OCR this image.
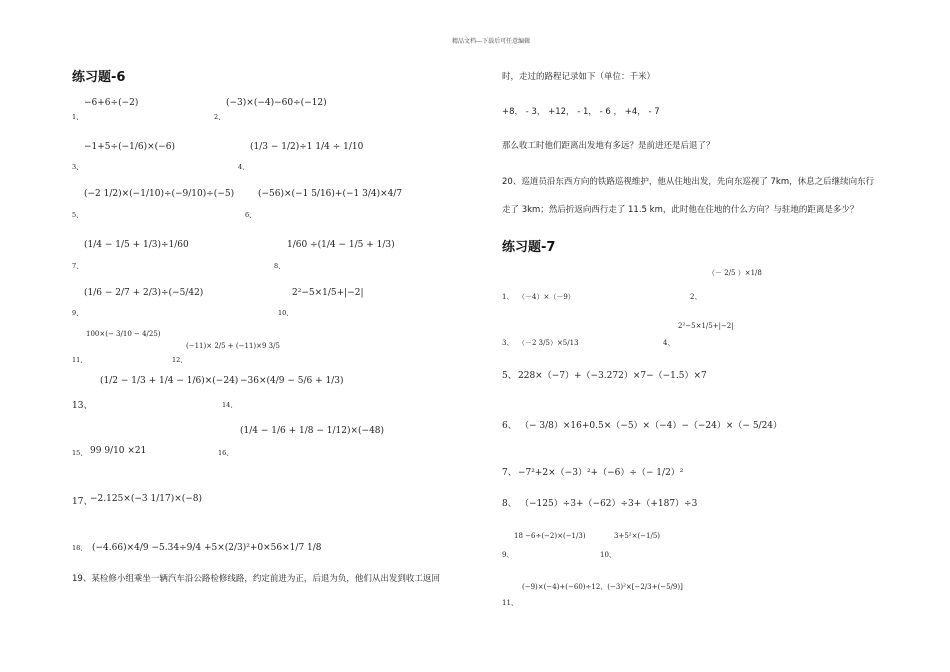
精品文档---下载后可任意编辑
练习题-6
−6+6÷(−2)
1、
(−3)×(−4)−60÷(−12)
2、
−1+5÷(−1/6)×(−6)
3、
(1/3 − 1/2)÷1 1/4 ÷ 1/10
4、
(−2 1/2)×(−1/10)÷(−9/10)÷(−5)
5、
(−56)×(−1 5/16)+(−1 3/4)×4/7
6、
(1/4 − 1/5 + 1/3)÷1/60
7、
1/60 ÷(1/4 − 1/5 + 1/3)
8、
(1/6 − 2/7 + 2/3)÷(−5/42)
9、
2²−5×1/5+|−2|
10、
11、
100×(− 3/10 − 4/25)
12、
(−11)× 2/5 + (−11)×9 3/5
13、
(1/2 − 1/3 + 1/4 − 1/6)×(−24)
14、
−36×(4/9 − 5/6 + 1/3)
15、 99 9/10 ×21	16、
(1/4 − 1/6 + 1/8 − 1/12)×(−48)
17、
−2.125×(−3 1/17)×(−8)
18、 (−4.66)×4/9 −5.34÷9/4 +5×(2/3)²+0×56×1/7 1/8
19、某检修小组乘坐一辆汽车沿公路检修线路，约定前进为正，后退为负，他们从出发到收工返回
时，走过的路程记录如下（单位：千米）
+8， - 3， +12， - 1， - 6 ， +4， - 7
那么收工时他们距离出发地有多远？是前进还是后退了？
20、巡道员沿东西方向的铁路巡视维护，他从住地出发，先向东巡视了 7km，休息之后继续向东行
走了 3km；然后折返向西行走了 11.5 km，此时他在住地的什么方向？与驻地的距离是多少？
练习题-7
1、 （－4）×（－9）	2、
（－ 2/5 ）×1/8
3、 （－2 3/5）×5/13	4、
2²−5×1/5+|−2|
5、 228×（−7）+（−3.272）×7−（−1.5）×7
6、 （− 3/8）×16+0.5×（−5）×（−4）−（−24）×（− 5/24）
7、 −7²+2×（−3）²+（−6）÷（− 1/2）²
8、 （−125）÷3+（−62）÷3+（+187）÷3
9、
18 −6÷(−2)×(−1/3)
10、
3+5²×(−1/5)
11、
(−9)×(−4)+(−60)÷12、(−3)²×[−2/3+(−5/9)]
